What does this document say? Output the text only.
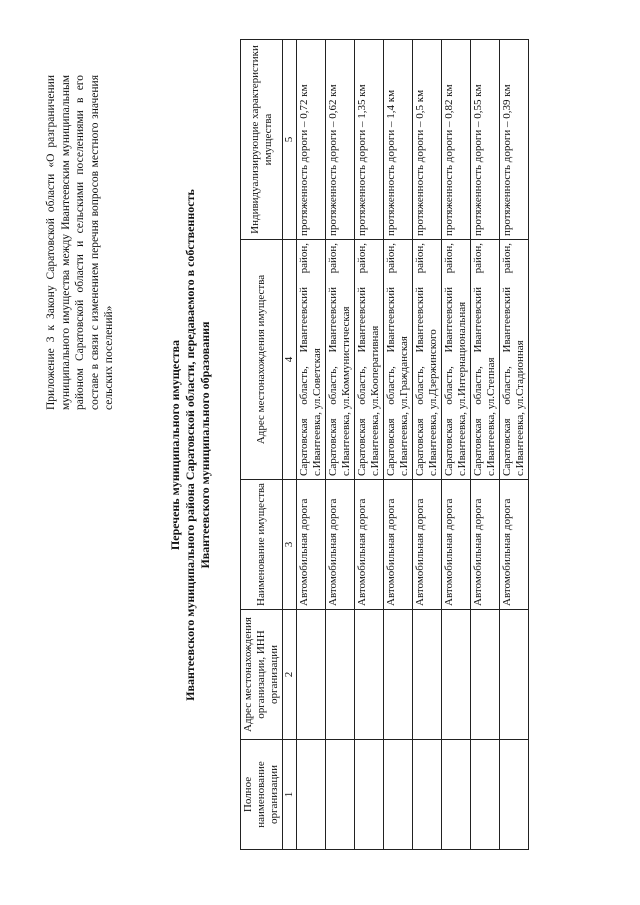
Приложение 3 к Закону Саратовской области «О разграничении муниципального имущества между Ивантеевским муниципальным районом Саратовской области и сельскими поселениями в его составе в связи с изменением перечня вопросов местного значения сельских поселений»	Перечень муниципального имущества Ивантеевского муниципального района Саратовской области, передаваемого в собственность Ивантеевского муниципального образования
Полное наименование организации	Адрес местонахождения организации, ИНН организации	Наименование имущества	Адрес местонахождения имущества	Индивидуализирующие характеристики имущества
1	2	3	4	5
		Автомобильная дорога	Саратовская область, Ивантеевский район, с.Ивантеевка, ул.Советская	протяженность дороги – 0,72 км
		Автомобильная дорога	Саратовская область, Ивантеевский район, с.Ивантеевка, ул.Коммунистическая	протяженность дороги – 0,62 км
		Автомобильная дорога	Саратовская область, Ивантеевский район, с.Ивантеевка, ул.Кооперативная	протяженность дороги – 1,35 км
		Автомобильная дорога	Саратовская область, Ивантеевский район, с.Ивантеевка, ул.Гражданская	протяженность дороги – 1,4 км
		Автомобильная дорога	Саратовская область, Ивантеевский район, с.Ивантеевка, ул.Дзержинского	протяженность дороги – 0,5 км
		Автомобильная дорога	Саратовская область, Ивантеевский район, с.Ивантеевка, ул.Интернациональная	протяженность дороги – 0,82 км
		Автомобильная дорога	Саратовская область, Ивантеевский район, с.Ивантеевка, ул.Степная	протяженность дороги – 0,55 км
		Автомобильная дорога	Саратовская область, Ивантеевский район, с.Ивантеевка, ул.Стадионная	протяженность дороги – 0,39 км
